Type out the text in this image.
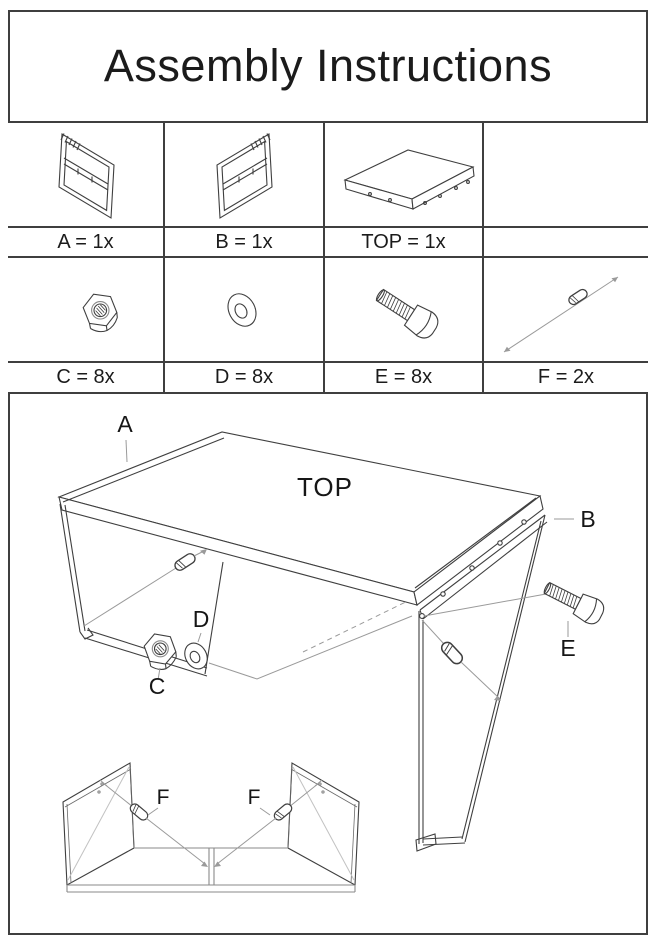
Assembly Instructions
A = 1x	B = 1x	TOP = 1x
C = 8x	D = 8x	E = 8x	F = 2x
TOP
C
D
E
A
B
F	F
